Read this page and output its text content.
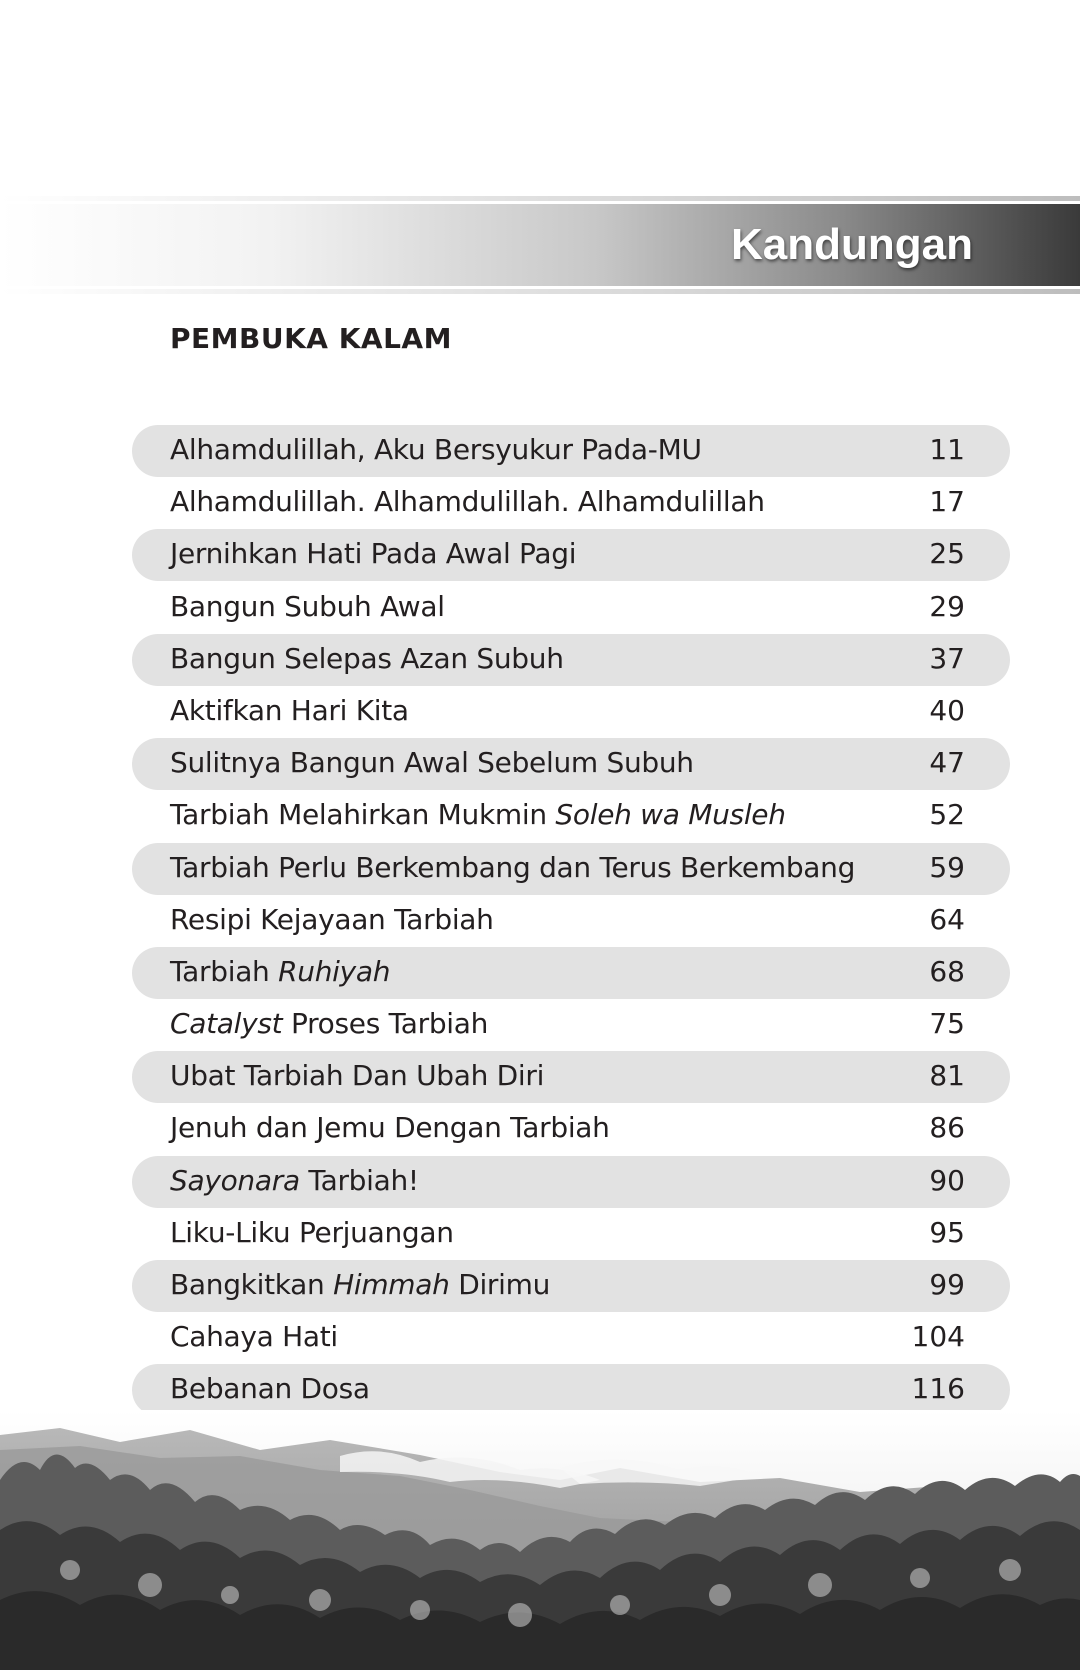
Kandungan
PEMBUKA KALAM
Alhamdulillah, Aku Bersyukur Pada-MU	11
Alhamdulillah. Alhamdulillah. Alhamdulillah	17
Jernihkan Hati Pada Awal Pagi	25
Bangun Subuh Awal	29
Bangun Selepas Azan Subuh	37
Aktifkan Hari Kita	40
Sulitnya Bangun Awal Sebelum Subuh	47
Tarbiah Melahirkan Mukmin Soleh wa Musleh	52
Tarbiah Perlu Berkembang dan Terus Berkembang	59
Resipi Kejayaan Tarbiah	64
Tarbiah Ruhiyah	68
Catalyst Proses Tarbiah	75
Ubat Tarbiah Dan Ubah Diri	81
Jenuh dan Jemu Dengan Tarbiah	86
Sayonara Tarbiah!	90
Liku-Liku Perjuangan	95
Bangkitkan Himmah Dirimu	99
Cahaya Hati	104
Bebanan Dosa	116
